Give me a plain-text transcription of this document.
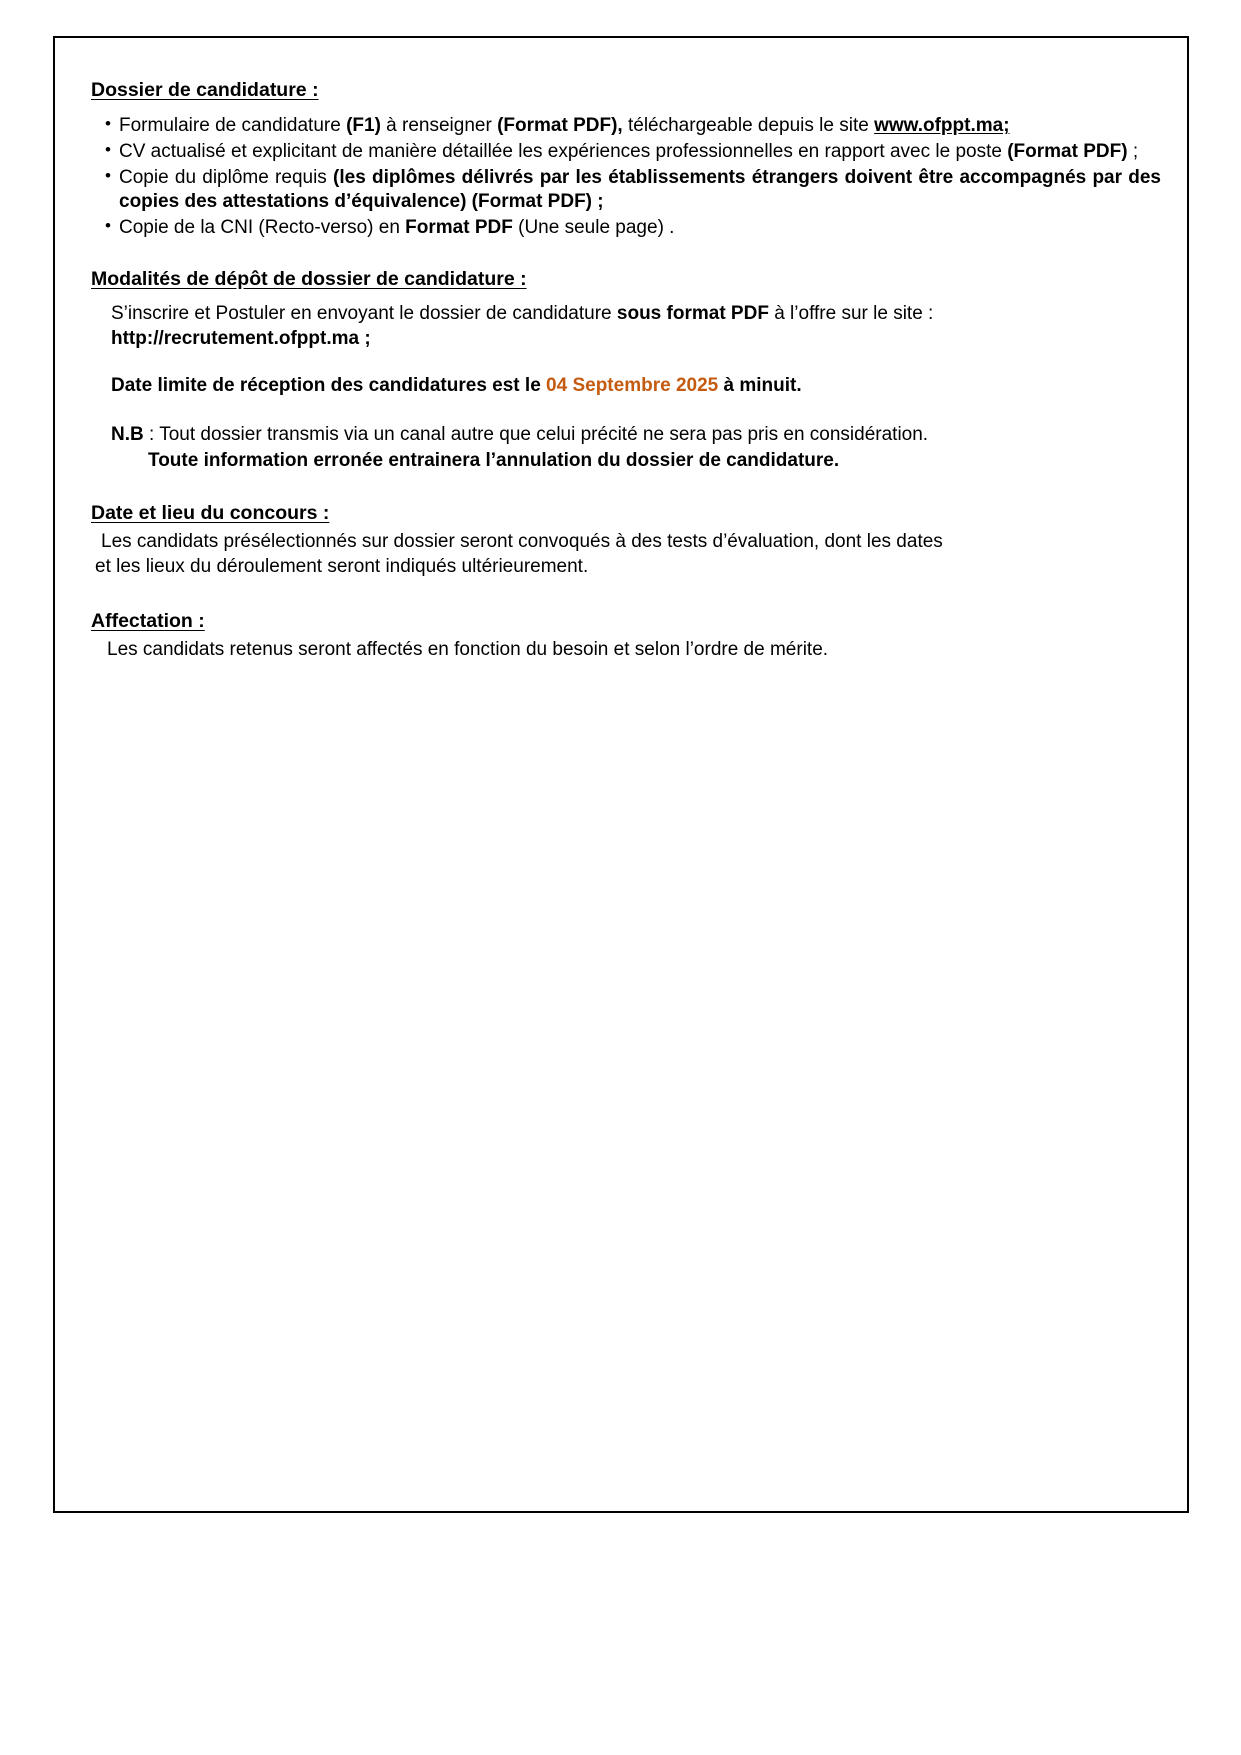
Dossier de candidature :
• Formulaire de candidature (F1) à renseigner (Format PDF), téléchargeable depuis le site www.ofppt.ma;
• CV actualisé et explicitant de manière détaillée les expériences professionnelles en rapport avec le poste (Format PDF) ;
• Copie du diplôme requis (les diplômes délivrés par les établissements étrangers doivent être accompagnés par des copies des attestations d’équivalence) (Format PDF) ;
• Copie de la CNI (Recto-verso) en Format PDF (Une seule page) .
Modalités de dépôt de dossier de candidature :

S’inscrire et Postuler en envoyant le dossier de candidature sous format PDF à l’offre sur le site :
http://recrutement.ofppt.ma ;

Date limite de réception des candidatures est le 04 Septembre 2025 à minuit.

N.B : Tout dossier transmis via un canal autre que celui précité ne sera pas pris en considération.

Toute information erronée entrainera l’annulation du dossier de candidature.

Date et lieu du concours :

Les candidats présélectionnés sur dossier seront convoqués à des tests d’évaluation, dont les dates

et les lieux du déroulement seront indiqués ultérieurement.

Affectation :

Les candidats retenus seront affectés en fonction du besoin et selon l’ordre de mérite.
